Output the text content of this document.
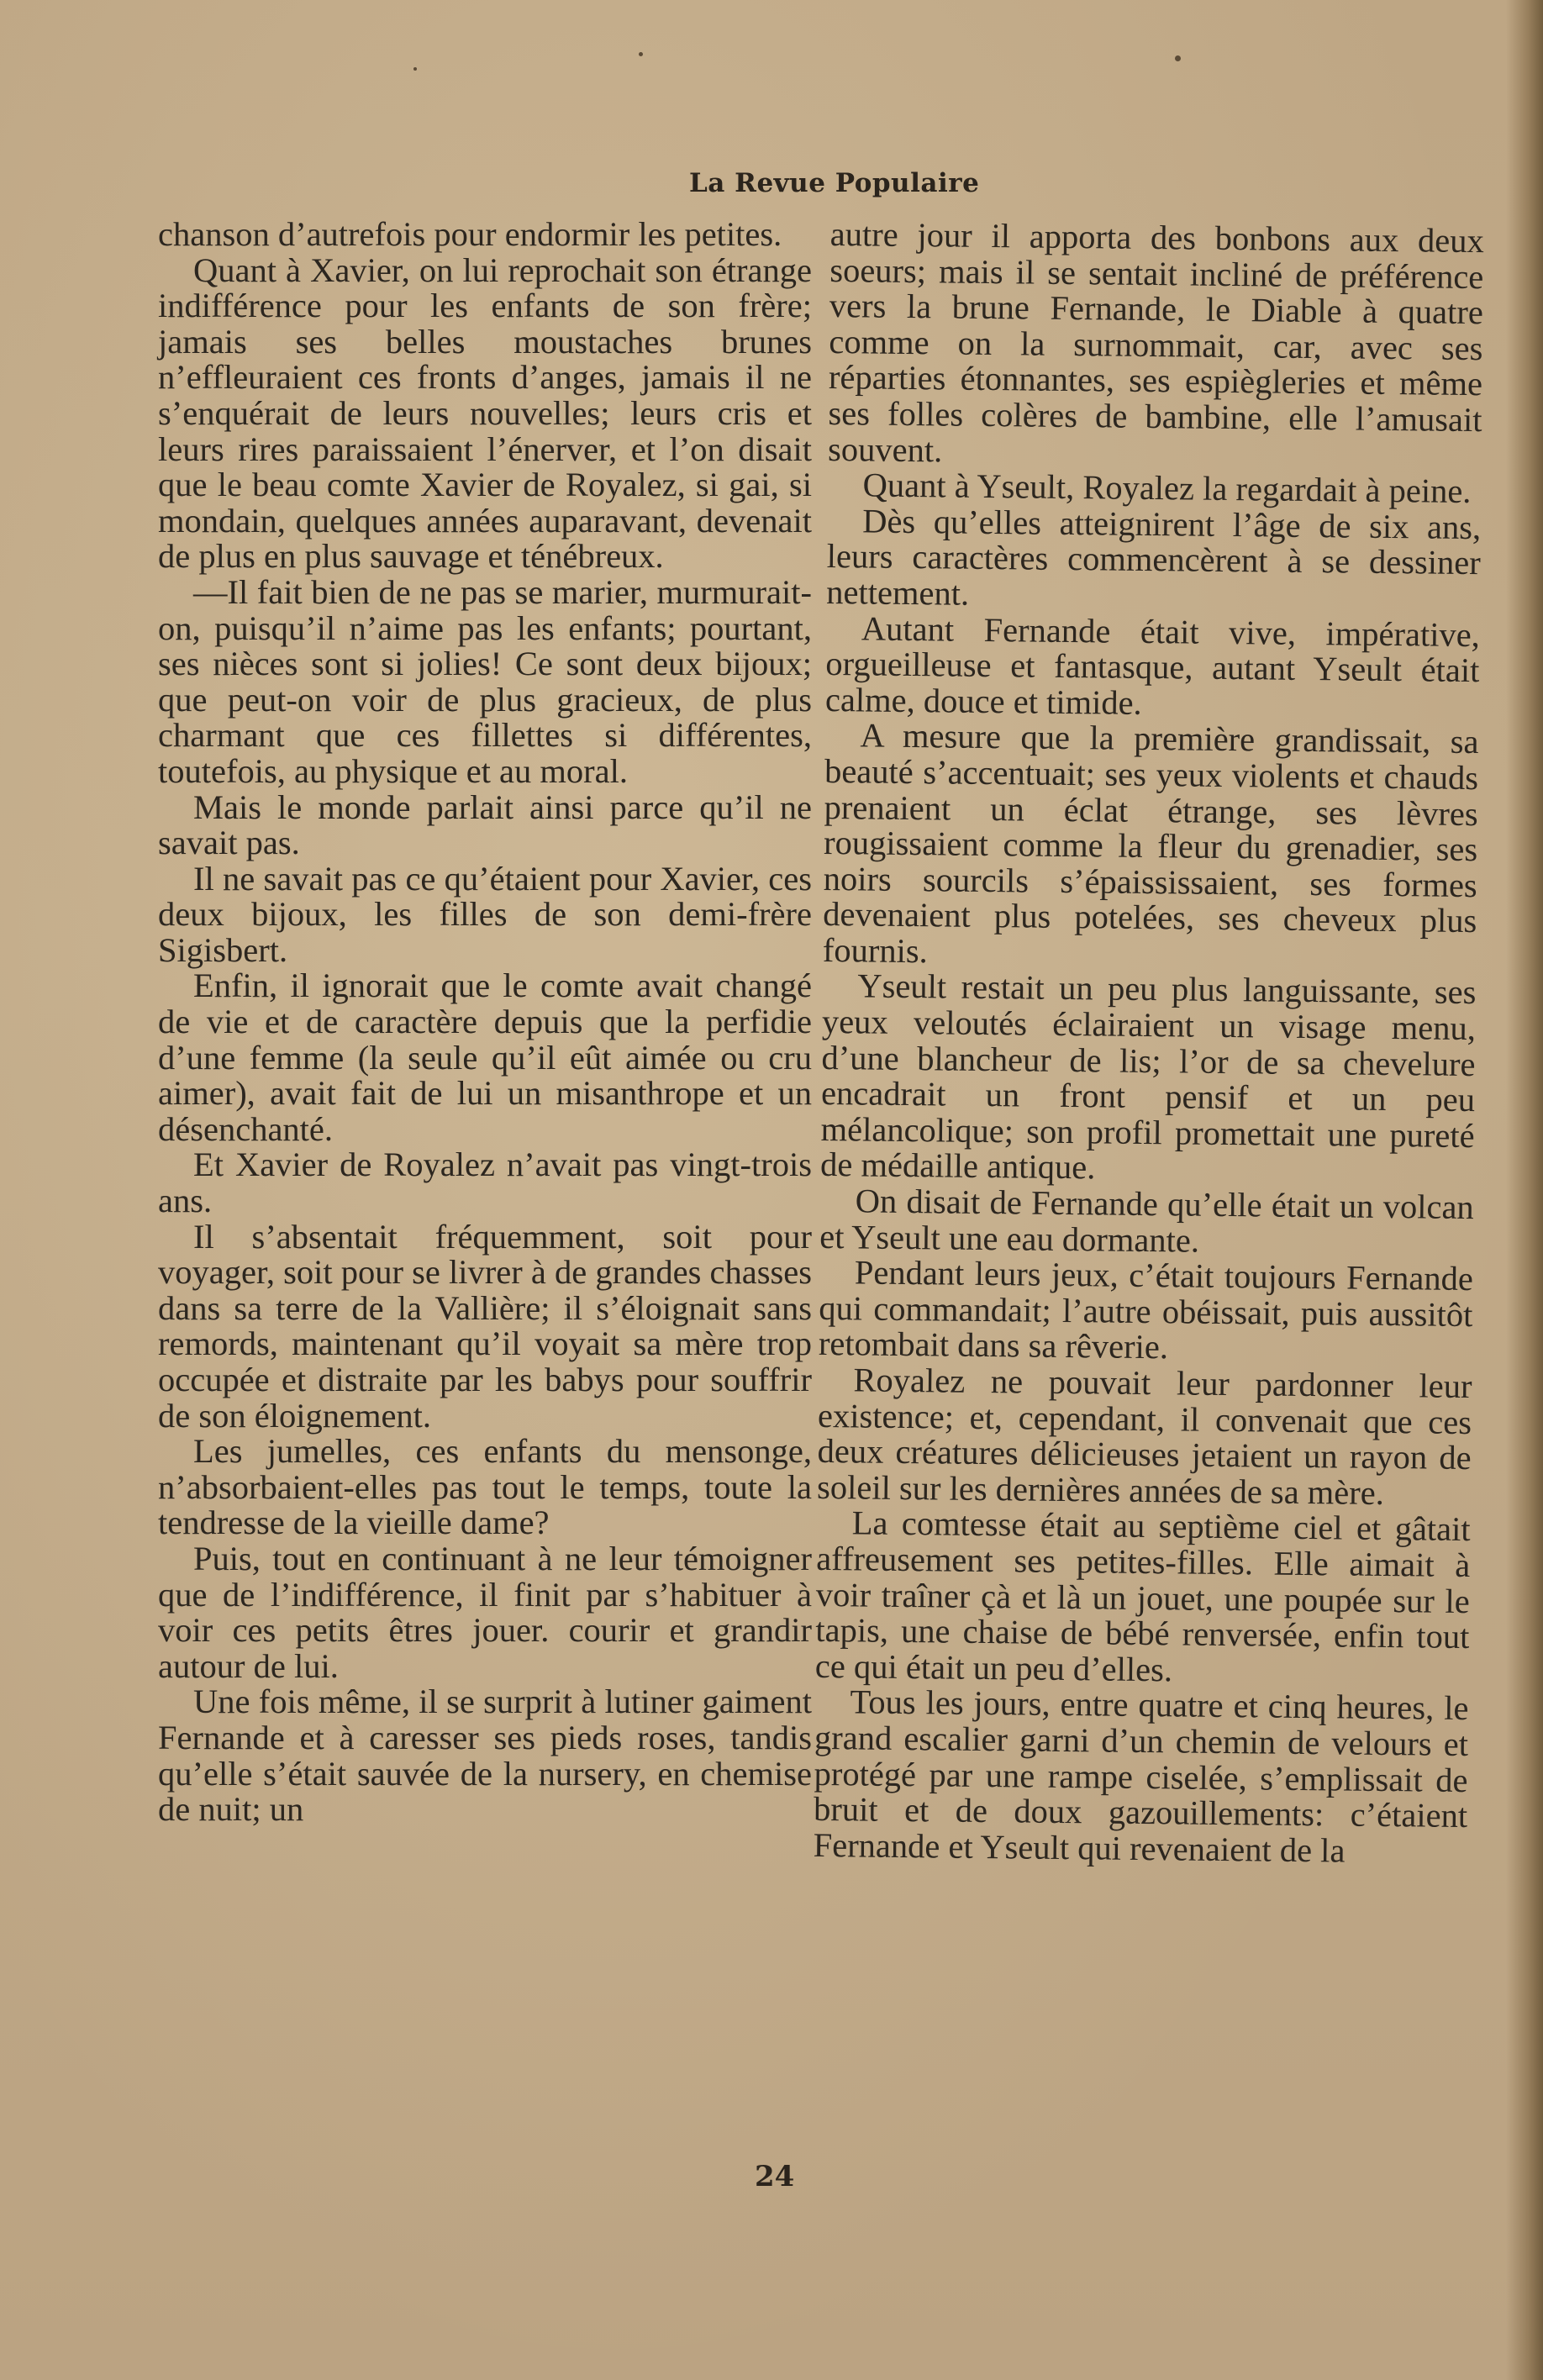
La Revue Populaire

chanson d’autrefois pour endormir les petites.

Quant à Xavier, on lui reprochait son étrange indifférence pour les enfants de son frère; jamais ses belles moustaches brunes n’effleuraient ces fronts d’anges, jamais il ne s’enquérait de leurs nouvelles; leurs cris et leurs rires paraissaient l’énerver, et l’on disait que le beau comte Xavier de Royalez, si gai, si mondain, quelques années auparavant, devenait de plus en plus sauvage et ténébreux.

—Il fait bien de ne pas se marier, murmurait-on, puisqu’il n’aime pas les enfants; pourtant, ses nièces sont si jolies! Ce sont deux bijoux; que peut-on voir de plus gracieux, de plus charmant que ces fillettes si différentes, toutefois, au physique et au moral.

Mais le monde parlait ainsi parce qu’il ne savait pas.

Il ne savait pas ce qu’étaient pour Xavier, ces deux bijoux, les filles de son demi-frère Sigisbert.

Enfin, il ignorait que le comte avait changé de vie et de caractère depuis que la perfidie d’une femme (la seule qu’il eût aimée ou cru aimer), avait fait de lui un misanthrope et un désenchanté.

Et Xavier de Royalez n’avait pas vingt-trois ans.

Il s’absentait fréquemment, soit pour voyager, soit pour se livrer à de grandes chasses dans sa terre de la Vallière; il s’éloignait sans remords, maintenant qu’il voyait sa mère trop occupée et distraite par les babys pour souffrir de son éloignement.

Les jumelles, ces enfants du mensonge, n’absorbaient-elles pas tout le temps, toute la tendresse de la vieille dame?

Puis, tout en continuant à ne leur témoigner que de l’indifférence, il finit par s’habituer à voir ces petits êtres jouer. courir et grandir autour de lui.

Une fois même, il se surprit à lutiner gaiment Fernande et à caresser ses pieds roses, tandis qu’elle s’était sauvée de la nursery, en chemise de nuit; un

autre jour il apporta des bonbons aux deux soeurs; mais il se sentait incliné de préférence vers la brune Fernande, le Diable à quatre comme on la surnommait, car, avec ses réparties étonnantes, ses espiègleries et même ses folles colères de bambine, elle l’amusait souvent.

Quant à Yseult, Royalez la regardait à peine.

Dès qu’elles atteignirent l’âge de six ans, leurs caractères commencèrent à se dessiner nettement.

Autant Fernande était vive, impérative, orgueilleuse et fantasque, autant Yseult était calme, douce et timide.

A mesure que la première grandissait, sa beauté s’accentuait; ses yeux violents et chauds prenaient un éclat étrange, ses lèvres rougissaient comme la fleur du grenadier, ses noirs sourcils s’épaississaient, ses formes devenaient plus potelées, ses cheveux plus fournis.

Yseult restait un peu plus languissante, ses yeux veloutés éclairaient un visage menu, d’une blancheur de lis; l’or de sa chevelure encadrait un front pensif et un peu mélancolique; son profil promettait une pureté de médaille antique.

On disait de Fernande qu’elle était un volcan et Yseult une eau dormante.

Pendant leurs jeux, c’était toujours Fernande qui commandait; l’autre obéissait, puis aussitôt retombait dans sa rêverie.

Royalez ne pouvait leur pardonner leur existence; et, cependant, il convenait que ces deux créatures délicieuses jetaient un rayon de soleil sur les dernières années de sa mère.

La comtesse était au septième ciel et gâtait affreusement ses petites-filles. Elle aimait à voir traîner çà et là un jouet, une poupée sur le tapis, une chaise de bébé renversée, enfin tout ce qui était un peu d’elles.

Tous les jours, entre quatre et cinq heures, le grand escalier garni d’un chemin de velours et protégé par une rampe ciselée, s’emplissait de bruit et de doux gazouillements: c’étaient Fernande et Yseult qui revenaient de la

24
